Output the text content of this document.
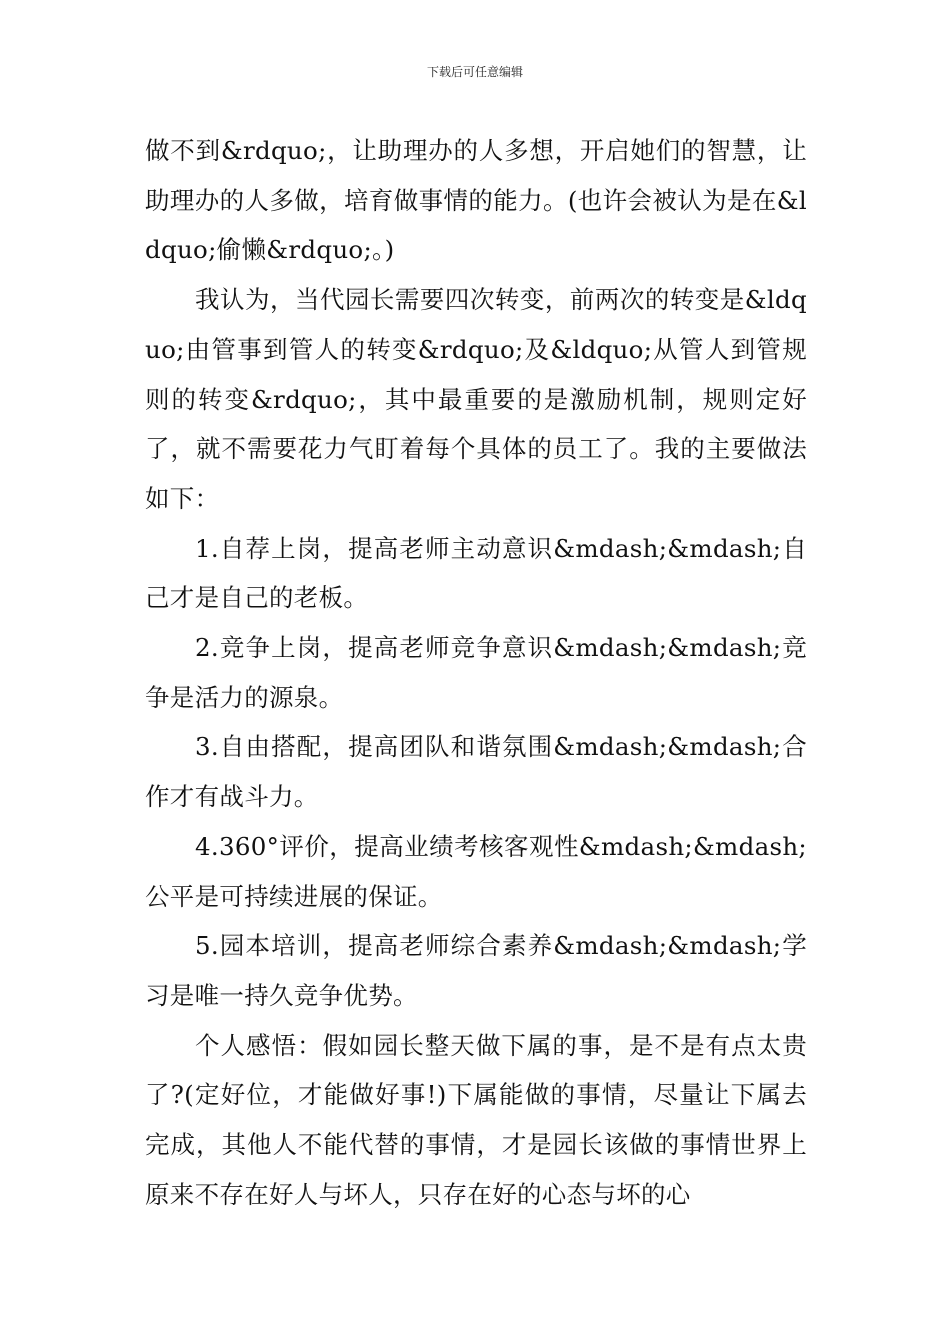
下载后可任意编辑

做不到&rdquo;，让助理办的人多想，开启她们的智慧，让助理办的人多做，培育做事情的能力。(也许会被认为是在&ldquo;偷懒&rdquo;。)

我认为，当代园长需要四次转变，前两次的转变是&ldquo;由管事到管人的转变&rdquo;及&ldquo;从管人到管规则的转变&rdquo;，其中最重要的是激励机制，规则定好了，就不需要花力气盯着每个具体的员工了。我的主要做法如下：

1.自荐上岗，提高老师主动意识&mdash;&mdash;自己才是自己的老板。

2.竞争上岗，提高老师竞争意识&mdash;&mdash;竞争是活力的源泉。

3.自由搭配，提高团队和谐氛围&mdash;&mdash;合作才有战斗力。

4.360°评价，提高业绩考核客观性&mdash;&mdash;公平是可持续进展的保证。

5.园本培训，提高老师综合素养&mdash;&mdash;学习是唯一持久竞争优势。

个人感悟：假如园长整天做下属的事，是不是有点太贵了?(定好位，才能做好事!)下属能做的事情，尽量让下属去完成，其他人不能代替的事情，才是园长该做的事情世界上原来不存在好人与坏人，只存在好的心态与坏的心
